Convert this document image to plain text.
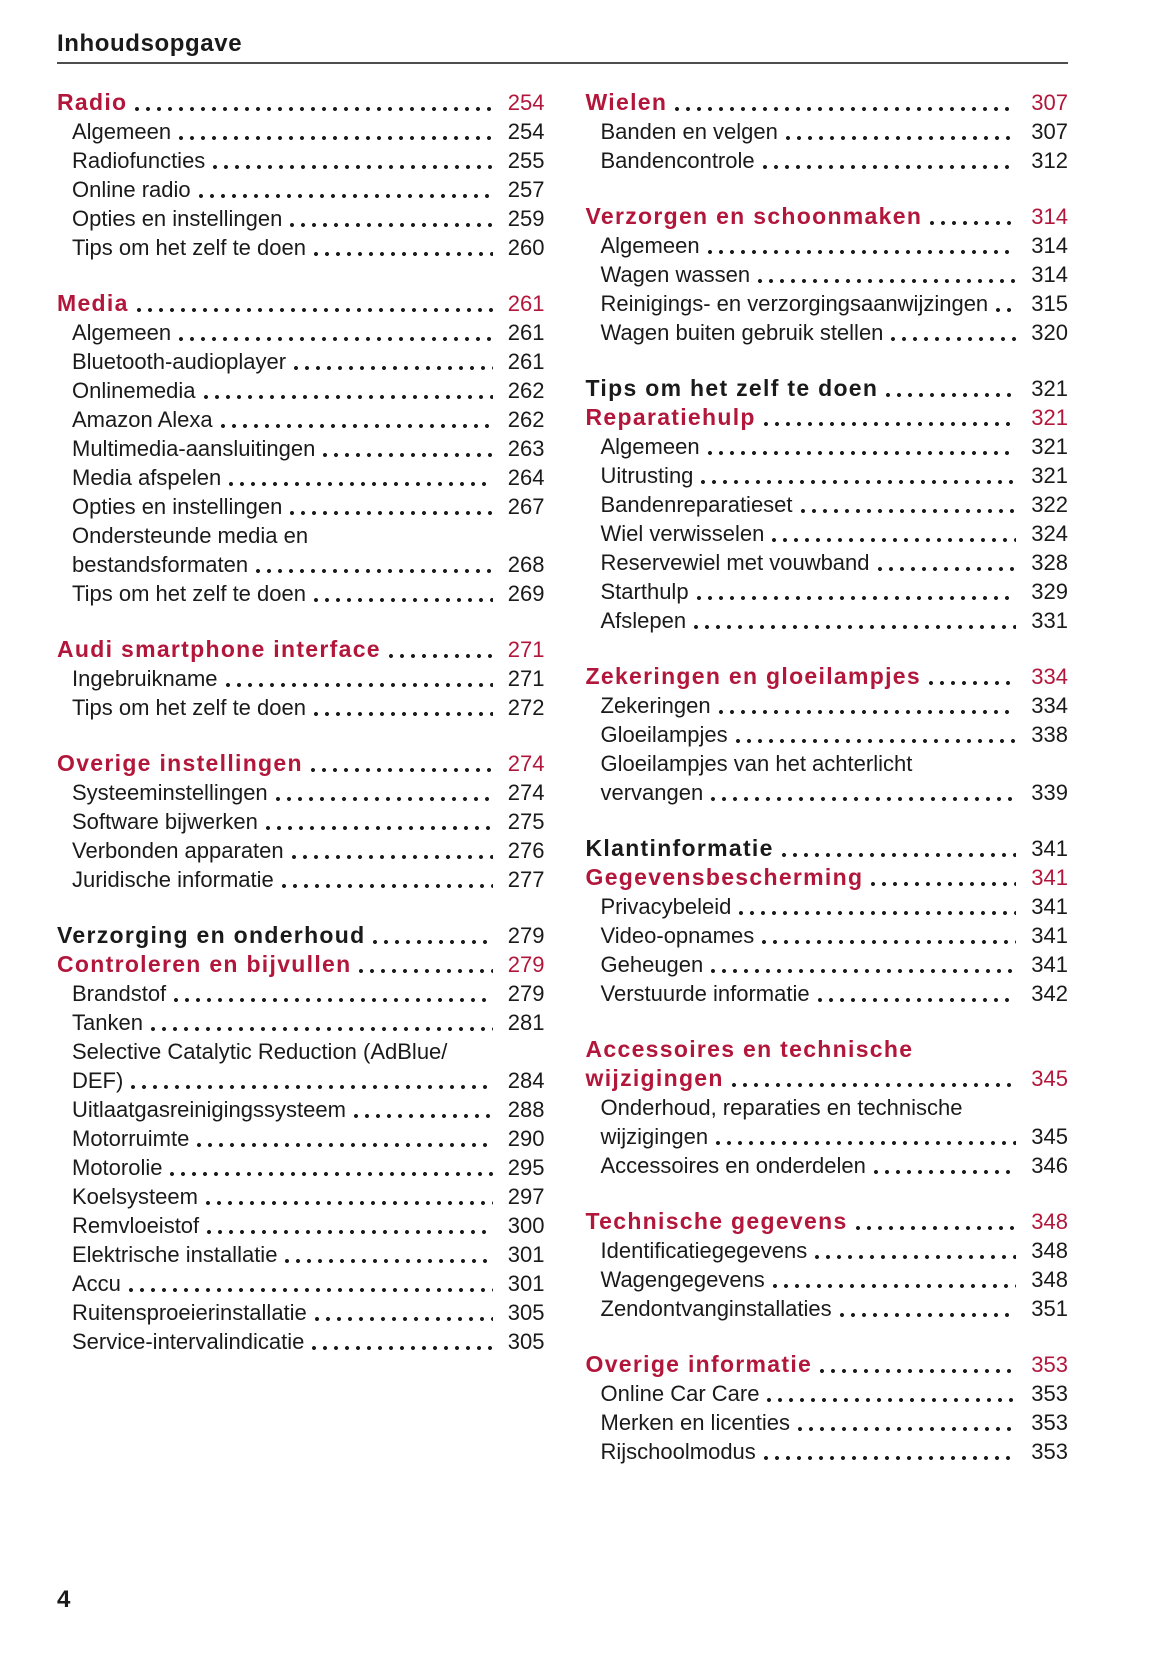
Inhoudsopgave
Radio	254
Algemeen	254
Radiofuncties	255
Online radio	257
Opties en instellingen	259
Tips om het zelf te doen	260
Media	261
Algemeen	261
Bluetooth-audioplayer	261
Onlinemedia	262
Amazon Alexa	262
Multimedia-aansluitingen	263
Media afspelen	264
Opties en instellingen	267
Ondersteunde media en
bestandsformaten	268
Tips om het zelf te doen	269
Audi smartphone interface	271
Ingebruikname	271
Tips om het zelf te doen	272
Overige instellingen	274
Systeeminstellingen	274
Software bijwerken	275
Verbonden apparaten	276
Juridische informatie	277
Verzorging en onderhoud	279
Controleren en bijvullen	279
Brandstof	279
Tanken	281
Selective Catalytic Reduction (AdBlue/
DEF)	284
Uitlaatgasreinigingssysteem	288
Motorruimte	290
Motorolie	295
Koelsysteem	297
Remvloeistof	300
Elektrische installatie	301
Accu	301
Ruitensproeierinstallatie	305
Service-intervalindicatie	305
Wielen	307
Banden en velgen	307
Bandencontrole	312
Verzorgen en schoonmaken	314
Algemeen	314
Wagen wassen	314
Reinigings- en verzorgingsaanwijzingen 315
Wagen buiten gebruik stellen	320
Tips om het zelf te doen	321
Reparatiehulp	321
Algemeen	321
Uitrusting	321
Bandenreparatieset	322
Wiel verwisselen	324
Reservewiel met vouwband	328
Starthulp	329
Afslepen	331
Zekeringen en gloeilampjes	334
Zekeringen	334
Gloeilampjes	338
Gloeilampjes van het achterlicht
vervangen	339
Klantinformatie	341
Gegevensbescherming	341
Privacybeleid	341
Video-opnames	341
Geheugen	341
Verstuurde informatie	342
Accessoires en technische
wijzigingen	345
Onderhoud, reparaties en technische
wijzigingen	345
Accessoires en onderdelen	346
Technische gegevens	348
Identificatiegegevens	348
Wagengegevens	348
Zendontvanginstallaties	351
Overige informatie	353
Online Car Care	353
Merken en licenties	353
Rijschoolmodus	353
4
